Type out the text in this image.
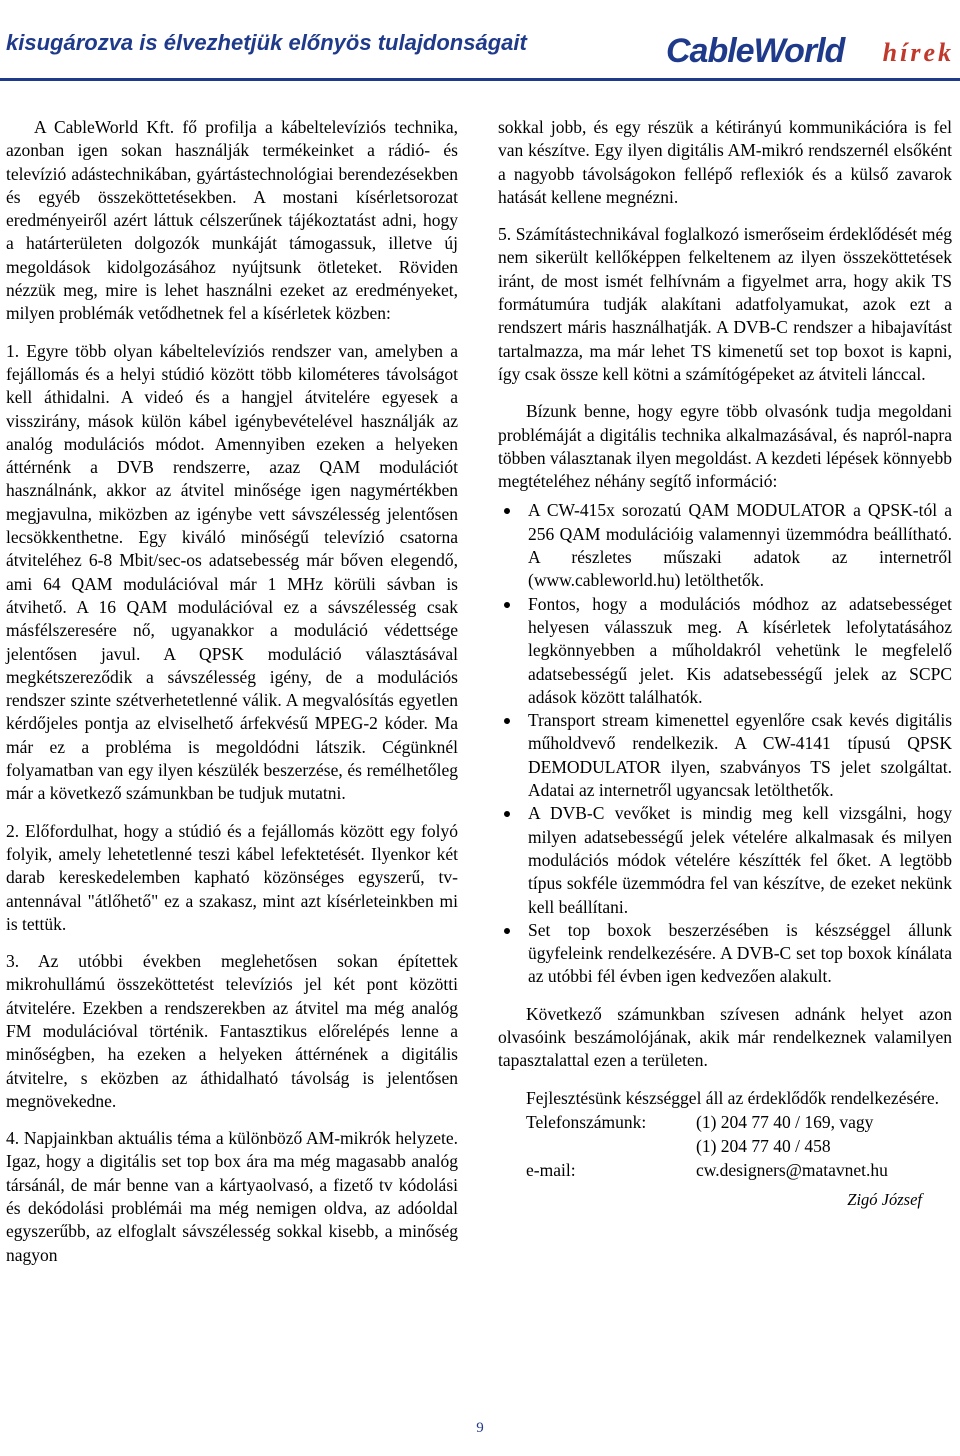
kisugározva is élvezhetjük előnyös tulajdonságait	CableWorld hírek

A CableWorld Kft. fő profilja a kábeltelevíziós technika, azonban igen sokan használják termékeinket a rádió- és televízió adástechnikában, gyártástechnológiai berendezésekben és egyéb összeköttetésekben. A mostani kísérletsorozat eredményeiről azért láttuk célszerűnek tájékoztatást adni, hogy a határterületen dolgozók munkáját támogassuk, illetve új megoldások kidolgozásához nyújtsunk ötleteket. Röviden nézzük meg, mire is lehet használni ezeket az eredményeket, milyen problémák vetődhetnek fel a kísérletek közben:

1. Egyre több olyan kábeltelevíziós rendszer van, amelyben a fejállomás és a helyi stúdió között több kilométeres távolságot kell áthidalni. A videó és a hangjel átvitelére egyesek a visszirány, mások külön kábel igénybevételével használják az analóg modulációs módot. Amennyiben ezeken a helyeken áttérnénk a DVB rendszerre, azaz QAM modulációt használnánk, akkor az átvitel minősége igen nagymértékben megjavulna, miközben az igénybe vett sávszélesség jelentősen lecsökkenthetne. Egy kiváló minőségű televízió csatorna átviteléhez 6-8 Mbit/sec-os adatsebesség már bőven elegendő, ami 64 QAM modulációval már 1 MHz körüli sávban is átvihető. A 16 QAM modulációval ez a sávszélesség csak másfélszeresére nő, ugyanakkor a moduláció védettsége jelentősen javul. A QPSK moduláció választásával megkétszereződik a sávszélesség igény, de a modulációs rendszer szinte szétverhetetlenné válik. A megvalósítás egyetlen kérdőjeles pontja az elviselhető árfekvésű MPEG-2 kóder. Ma már ez a probléma is megoldódni látszik. Cégünknél folyamatban van egy ilyen készülék beszerzése, és remélhetőleg már a következő számunkban be tudjuk mutatni.

2. Előfordulhat, hogy a stúdió és a fejállomás között egy folyó folyik, amely lehetetlenné teszi kábel lefektetését. Ilyenkor két darab kereskedelemben kapható közönséges egyszerű, tv-antennával "átlőhető" ez a szakasz, mint azt kísérleteinkben mi is tettük.

3. Az utóbbi években meglehetősen sokan építettek mikrohullámú összeköttetést televíziós jel két pont közötti átvitelére. Ezekben a rendszerekben az átvitel ma még analóg FM modulációval történik. Fantasztikus előrelépés lenne a minőségben, ha ezeken a helyeken áttérnének a digitális átvitelre, s eközben az áthidalható távolság is jelentősen megnövekedne.

4. Napjainkban aktuális téma a különböző AM-mikrók helyzete. Igaz, hogy a digitális set top box ára ma még magasabb analóg társánál, de már benne van a kártyaolvasó, a fizető tv kódolási és dekódolási problémái ma még nemigen oldva, az adóoldal egyszerűbb, az elfoglalt sávszélesség sokkal kisebb, a minőség nagyon

sokkal jobb, és egy részük a kétirányú kommunikációra is fel van készítve. Egy ilyen digitális AM-mikró rendszernél elsőként a nagyobb távolságokon fellépő reflexiók és a külső zavarok hatását kellene megnézni.

5. Számítástechnikával foglalkozó ismerőseim érdeklődését még nem sikerült kellőképpen felkeltenem az ilyen összeköttetések iránt, de most ismét felhívnám a figyelmet arra, hogy akik TS formátumúra tudják alakítani adatfolyamukat, azok ezt a rendszert máris használhatják. A DVB-C rendszer a hibajavítást tartalmazza, ma már lehet TS kimenetű set top boxot is kapni, így csak össze kell kötni a számítógépeket az átviteli lánccal.

Bízunk benne, hogy egyre több olvasónk tudja megoldani problémáját a digitális technika alkalmazásával, és napról-napra többen választanak ilyen megoldást. A kezdeti lépések könnyebb megtételéhez néhány segítő információ:

A CW-415x sorozatú QAM MODULATOR a QPSK-tól a 256 QAM modulációig valamennyi üzemmódra beállítható. A részletes műszaki adatok az internetről (www.cableworld.hu) letölthetők.
Fontos, hogy a modulációs módhoz az adatsebességet helyesen válasszuk meg. A kísérletek lefolytatásához legkönnyebben a műholdakról vehetünk le megfelelő adatsebességű jelet. Kis adatsebességű jelek az SCPC adások között találhatók.
Transport stream kimenettel egyenlőre csak kevés digitális műholdvevő rendelkezik. A CW-4141 típusú QPSK DEMODULATOR ilyen, szabványos TS jelet szolgáltat. Adatai az internetről ugyancsak letölthetők.
A DVB-C vevőket is mindig meg kell vizsgálni, hogy milyen adatsebességű jelek vételére alkalmasak és milyen modulációs módok vételére készítték fel őket. A legtöbb típus sokféle üzemmódra fel van készítve, de ezeket nekünk kell beállítani.
Set top boxok beszerzésében is készséggel állunk ügyfeleink rendelkezésére. A DVB-C set top boxok kínálata az utóbbi fél évben igen kedvezően alakult.

Következő számunkban szívesen adnánk helyet azon olvasóink beszámolójának, akik már rendelkeznek valamilyen tapasztalattal ezen a területen.

Fejlesztésünk készséggel áll az érdeklődők rendelkezésére.

Telefonszámunk:	(1) 204 77 40 / 169, vagy
(1) 204 77 40 / 458
e-mail:	cw.designers@matavnet.hu
Zigó József
9
